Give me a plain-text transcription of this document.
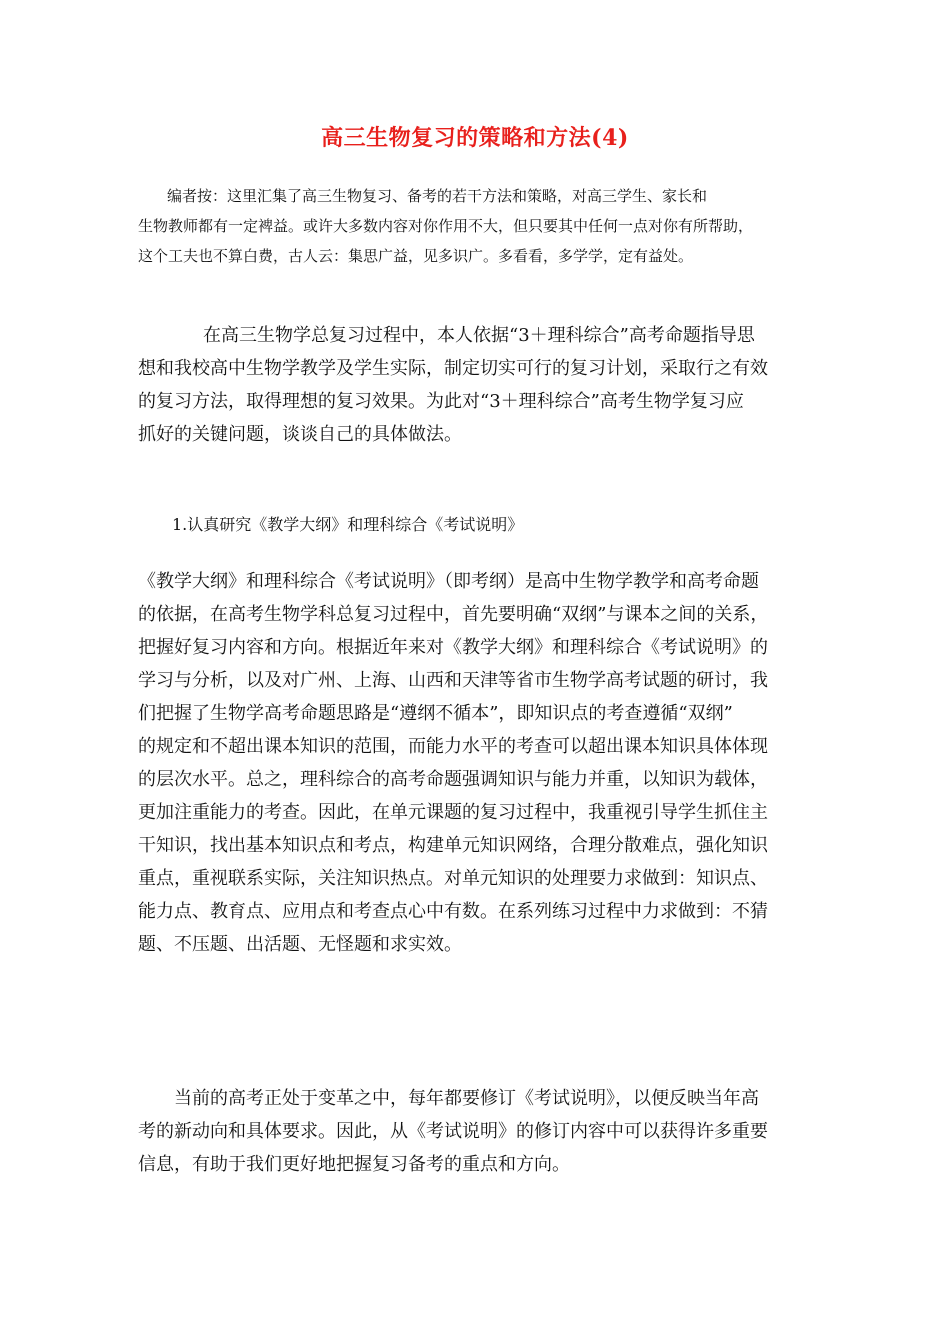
高三生物复习的策略和方法(4)
编者按：这里汇集了高三生物复习、备考的若干方法和策略，对高三学生、家长和
生物教师都有一定裨益。或许大多数内容对你作用不大，但只要其中任何一点对你有所帮助，
这个工夫也不算白费，古人云：集思广益，见多识广。多看看，多学学，定有益处。
在高三生物学总复习过程中，本人依据“3＋理科综合”高考命题指导思
想和我校高中生物学教学及学生实际，制定切实可行的复习计划，采取行之有效
的复习方法，取得理想的复习效果。为此对“3＋理科综合”高考生物学复习应
抓好的关键问题，谈谈自己的具体做法。
1.认真研究《教学大纲》和理科综合《考试说明》
《教学大纲》和理科综合《考试说明》（即考纲）是高中生物学教学和高考命题
的依据，在高考生物学科总复习过程中，首先要明确“双纲”与课本之间的关系，
把握好复习内容和方向。根据近年来对《教学大纲》和理科综合《考试说明》的
学习与分析，以及对广州、上海、山西和天津等省市生物学高考试题的研讨，我
们把握了生物学高考命题思路是“遵纲不循本”，即知识点的考查遵循“双纲”
的规定和不超出课本知识的范围，而能力水平的考查可以超出课本知识具体体现
的层次水平。总之，理科综合的高考命题强调知识与能力并重，以知识为载体，
更加注重能力的考查。因此，在单元课题的复习过程中，我重视引导学生抓住主
干知识，找出基本知识点和考点，构建单元知识网络，合理分散难点，强化知识
重点，重视联系实际，关注知识热点。对单元知识的处理要力求做到：知识点、
能力点、教育点、应用点和考查点心中有数。在系列练习过程中力求做到：不猜
题、不压题、出活题、无怪题和求实效。
当前的高考正处于变革之中，每年都要修订《考试说明》，以便反映当年高
考的新动向和具体要求。因此，从《考试说明》的修订内容中可以获得许多重要
信息，有助于我们更好地把握复习备考的重点和方向。
